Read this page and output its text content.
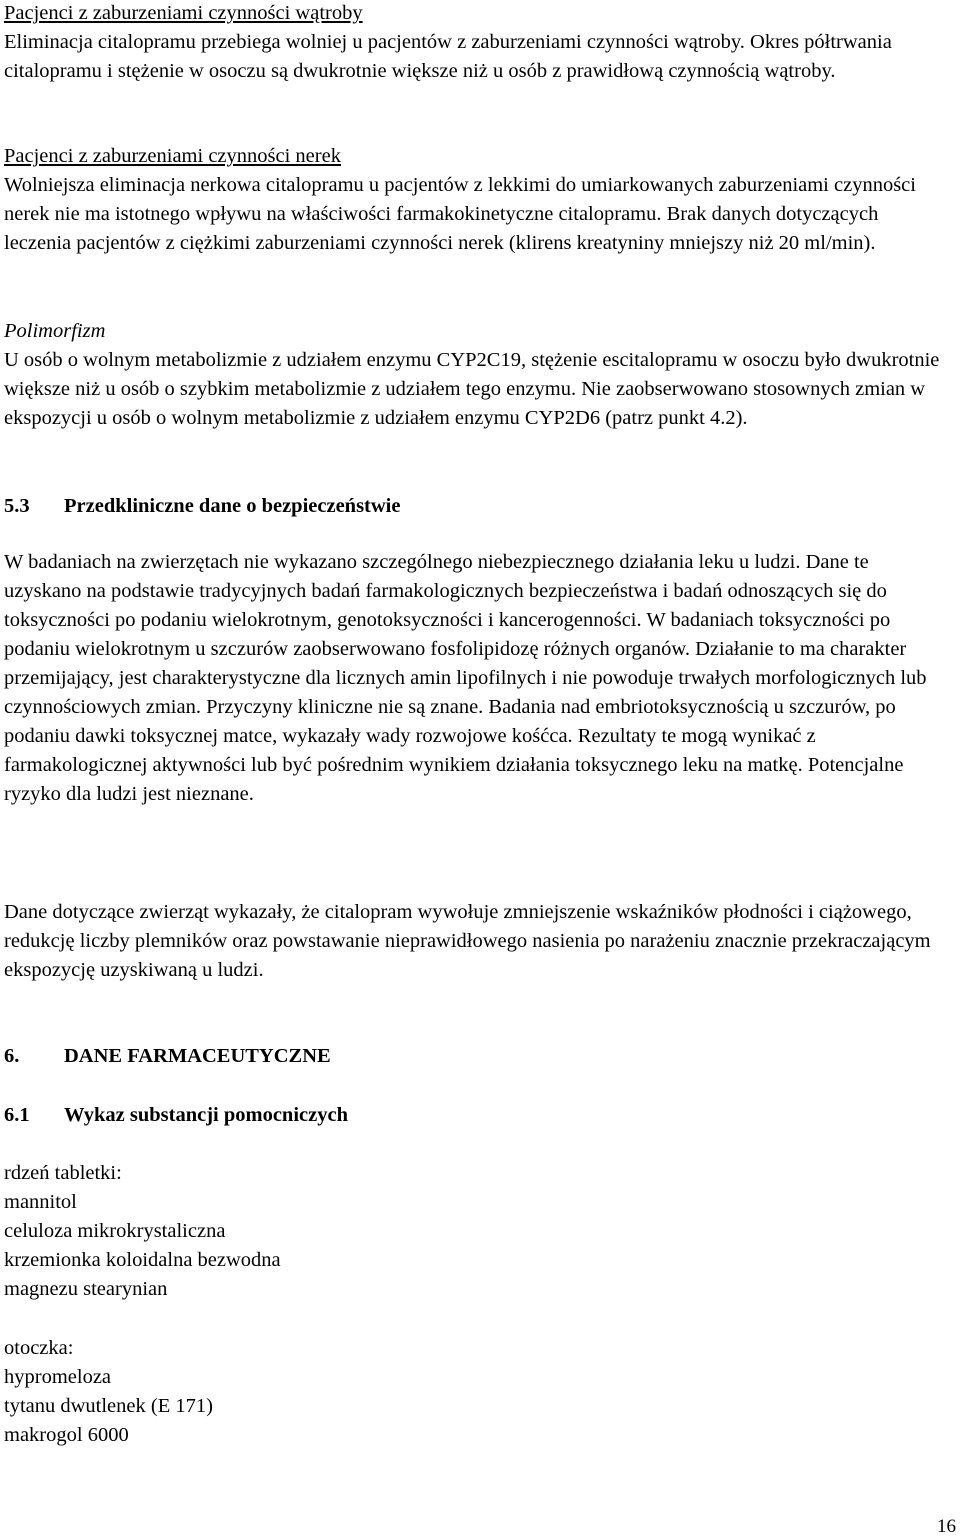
Pacjenci z zaburzeniami czynności wątroby

Eliminacja citalopramu przebiega wolniej u pacjentów z zaburzeniami czynności wątroby. Okres półtrwania citalopramu i stężenie w osoczu są dwukrotnie większe niż u osób z prawidłową czynnością wątroby.

Pacjenci z zaburzeniami czynności nerek

Wolniejsza eliminacja nerkowa citalopramu u pacjentów z lekkimi do umiarkowanych zaburzeniami czynności nerek nie ma istotnego wpływu na właściwości farmakokinetyczne citalopramu. Brak danych dotyczących leczenia pacjentów z ciężkimi zaburzeniami czynności nerek (klirens kreatyniny mniejszy niż 20 ml/min).

Polimorfizm

U osób o wolnym metabolizmie z udziałem enzymu CYP2C19, stężenie escitalopramu w osoczu było dwukrotnie większe niż u osób o szybkim metabolizmie z udziałem tego enzymu. Nie zaobserwowano stosownych zmian w ekspozycji u osób o wolnym metabolizmie z udziałem enzymu CYP2D6 (patrz punkt 4.2).

5.3 Przedkliniczne dane o bezpieczeństwie

W badaniach na zwierzętach nie wykazano szczególnego niebezpiecznego działania leku u ludzi. Dane te uzyskano na podstawie tradycyjnych badań farmakologicznych bezpieczeństwa i badań odnoszących się do toksyczności po podaniu wielokrotnym, genotoksyczności i kancerogenności. W badaniach toksyczności po podaniu wielokrotnym u szczurów zaobserwowano fosfolipidozę różnych organów. Działanie to ma charakter przemijający, jest charakterystyczne dla licznych amin lipofilnych i nie powoduje trwałych morfologicznych lub czynnościowych zmian. Przyczyny kliniczne nie są znane. Badania nad embriotoksycznością u szczurów, po podaniu dawki toksycznej matce, wykazały wady rozwojowe kośćca. Rezultaty te mogą wynikać z farmakologicznej aktywności lub być pośrednim wynikiem działania toksycznego leku na matkę. Potencjalne ryzyko dla ludzi jest nieznane.

Dane dotyczące zwierząt wykazały, że citalopram wywołuje zmniejszenie wskaźników płodności i ciążowego, redukcję liczby plemników oraz powstawanie nieprawidłowego nasienia po narażeniu znacznie przekraczającym ekspozycję uzyskiwaną u ludzi.

6. DANE FARMACEUTYCZNE
6.1 Wykaz substancji pomocniczych

rdzeń tabletki:

mannitol

celuloza mikrokrystaliczna

krzemionka koloidalna bezwodna

magnezu stearynian

otoczka:

hypromeloza

tytanu dwutlenek (E 171)

makrogol 6000

16
